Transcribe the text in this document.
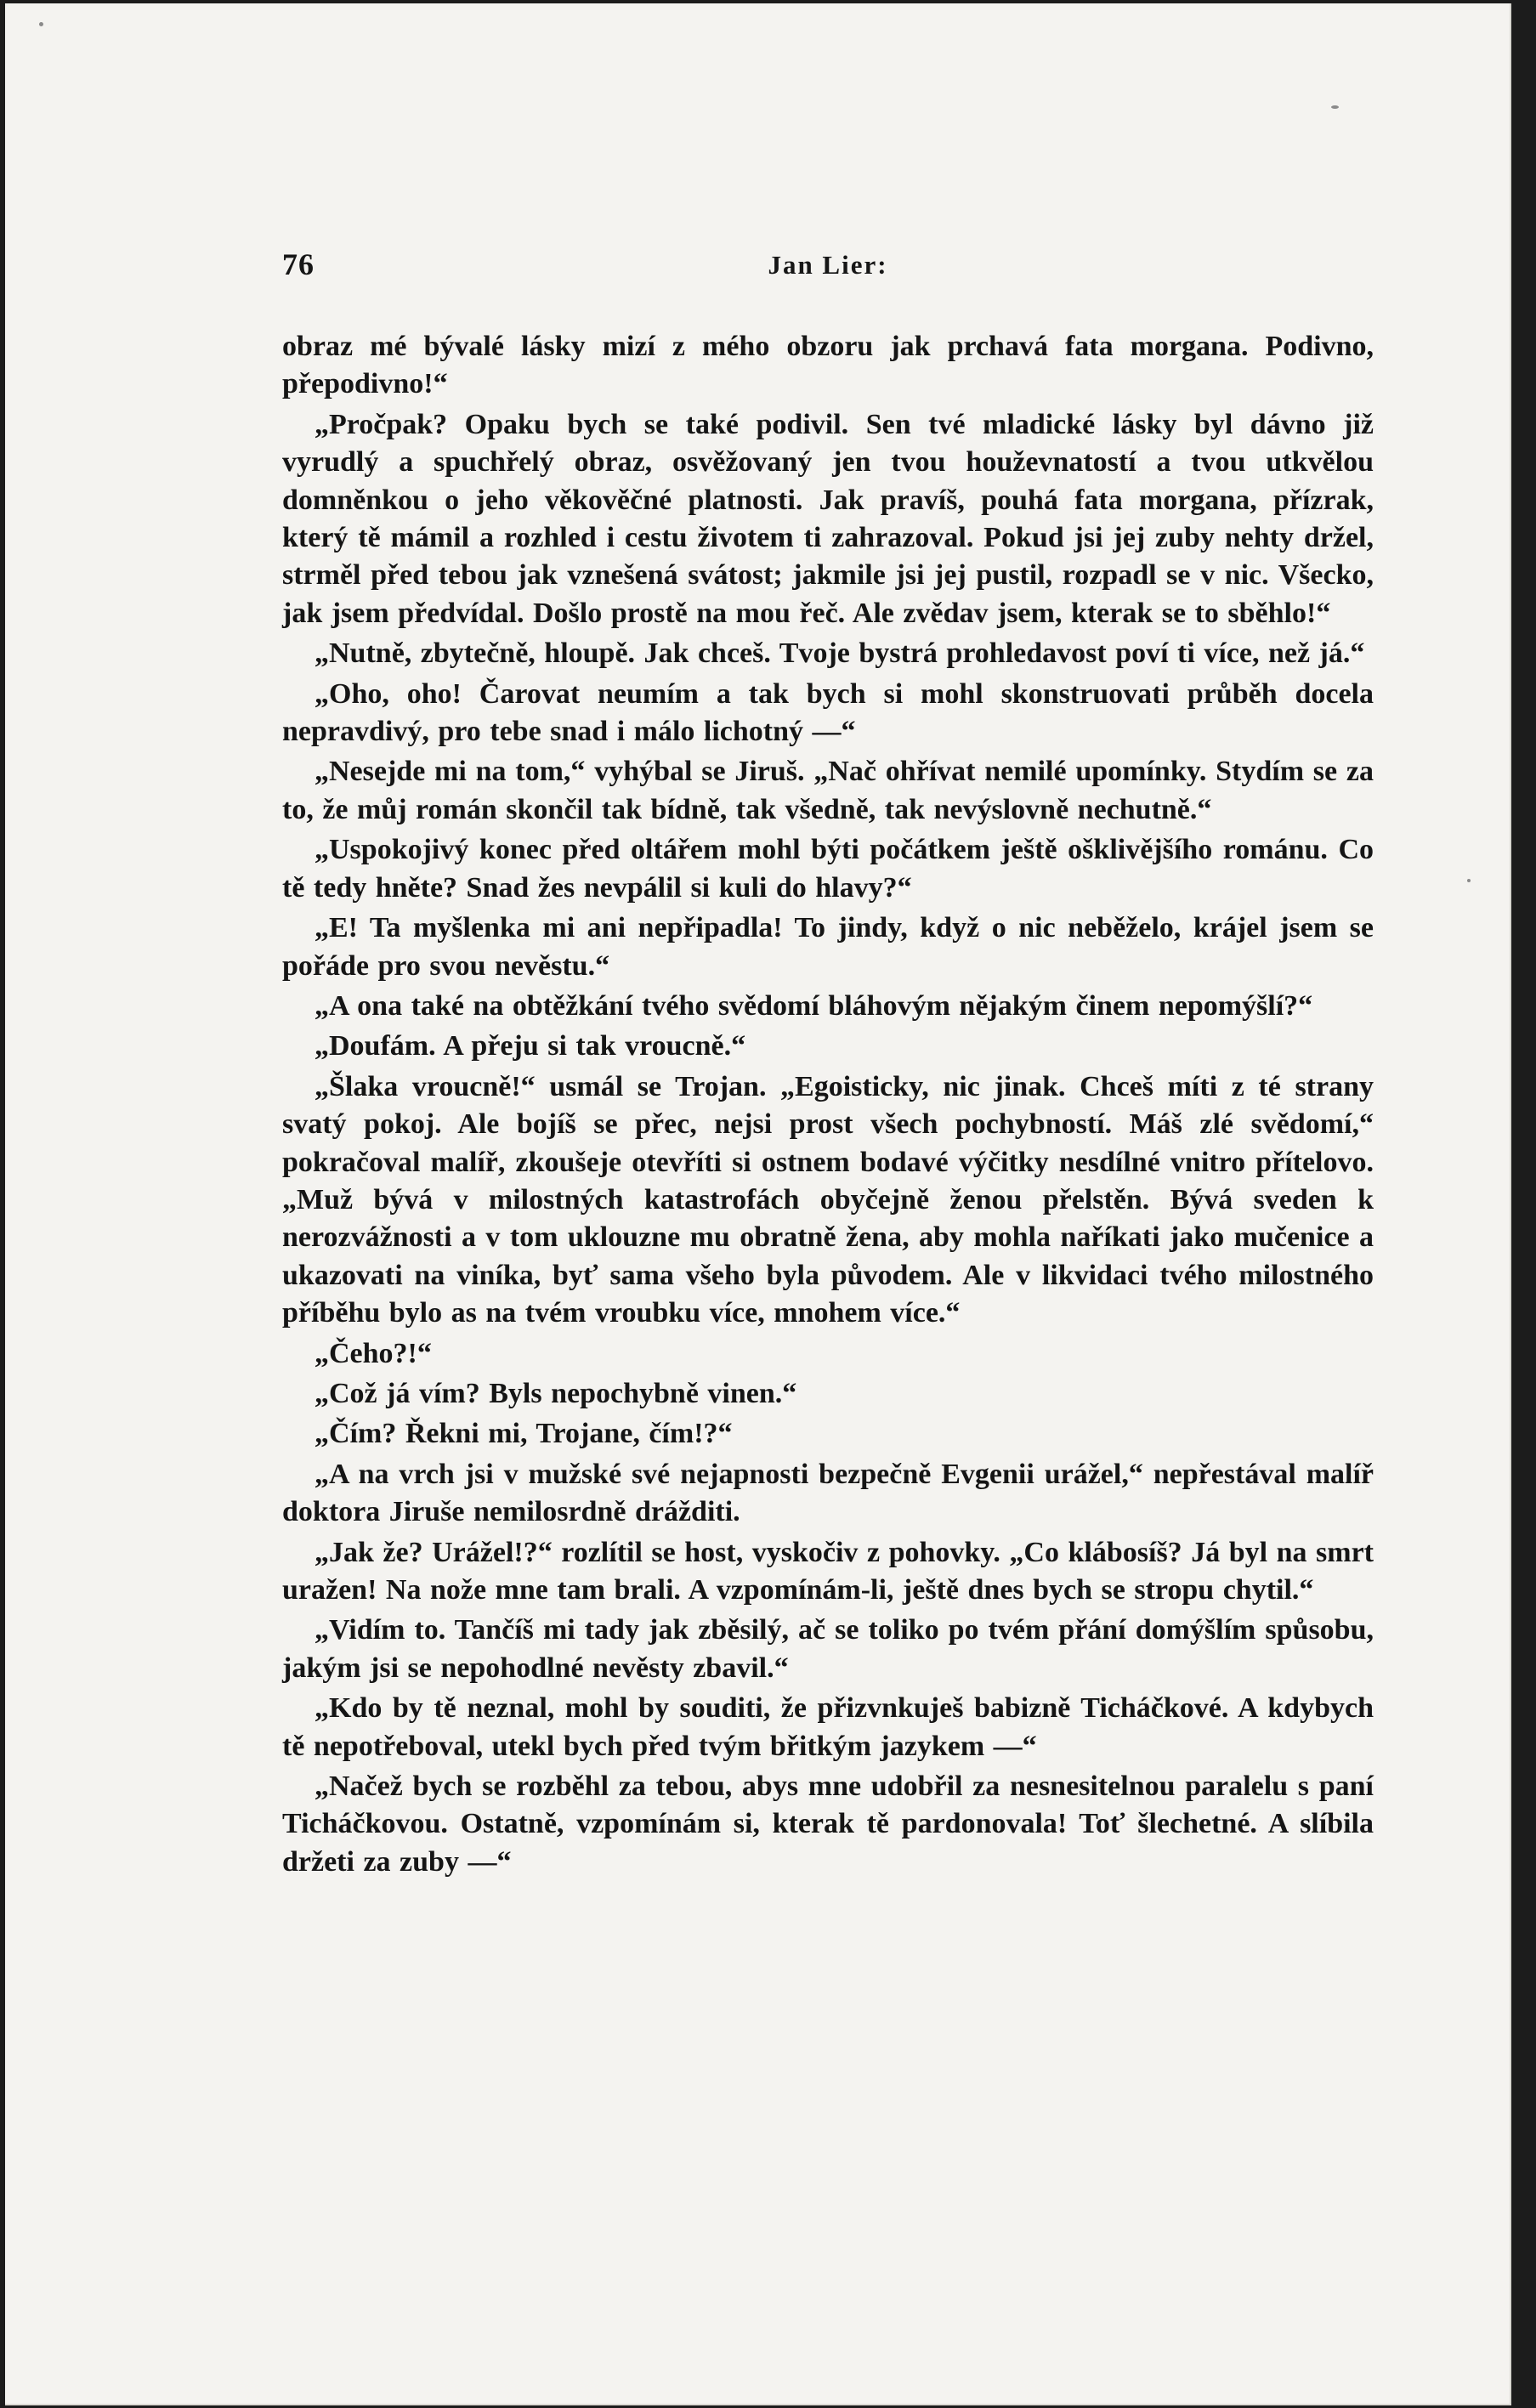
76	Jan Lier:

obraz mé bývalé lásky mizí z mého obzoru jak prchavá fata morgana. Podivno, přepodivno!“

„Pročpak? Opaku bych se také podivil. Sen tvé mladické lásky byl dávno již vyrudlý a spuchřelý obraz, osvěžovaný jen tvou houževnatostí a tvou utkvělou domněnkou o jeho věkověčné platnosti. Jak pravíš, pouhá fata morgana, přízrak, který tě mámil a rozhled i cestu životem ti zahrazoval. Pokud jsi jej zuby nehty držel, strměl před tebou jak vznešená svátost; jakmile jsi jej pustil, rozpadl se v nic. Všecko, jak jsem předvídal. Došlo prostě na mou řeč. Ale zvědav jsem, kterak se to sběhlo!“

„Nutně, zbytečně, hloupě. Jak chceš. Tvoje bystrá prohledavost poví ti více, než já.“

„Oho, oho! Čarovat neumím a tak bych si mohl skonstruovati průběh docela nepravdivý, pro tebe snad i málo lichotný —“

„Nesejde mi na tom,“ vyhýbal se Jiruš. „Nač ohřívat nemilé upomínky. Stydím se za to, že můj román skončil tak bídně, tak všedně, tak nevýslovně nechutně.“

„Uspokojivý konec před oltářem mohl býti počátkem ještě ošklivějšího románu. Co tě tedy hněte? Snad žes nevpálil si kuli do hlavy?“

„E! Ta myšlenka mi ani nepřipadla! To jindy, když o nic neběželo, krájel jsem se pořáde pro svou nevěstu.“

„A ona také na obtěžkání tvého svědomí bláhovým nějakým činem nepomýšlí?“

„Doufám. A přeju si tak vroucně.“

„Šlaka vroucně!“ usmál se Trojan. „Egoisticky, nic jinak. Chceš míti z té strany svatý pokoj. Ale bojíš se přec, nejsi prost všech pochybností. Máš zlé svědomí,“ pokračoval malíř, zkoušeje otevříti si ostnem bodavé výčitky nesdílné vnitro přítelovo. „Muž bývá v milostných katastrofách obyčejně ženou přelstěn. Bývá sveden k nerozvážnosti a v tom uklouzne mu obratně žena, aby mohla naříkati jako mučenice a ukazovati na viníka, byť sama všeho byla původem. Ale v likvidaci tvého milostného příběhu bylo as na tvém vroubku více, mnohem více.“

„Čeho?!“

„Což já vím? Byls nepochybně vinen.“

„Čím? Řekni mi, Trojane, čím!?“

„A na vrch jsi v mužské své nejapnosti bezpečně Evgenii urážel,“ nepřestával malíř doktora Jiruše nemilosrdně drážditi.

„Jak že? Urážel!?“ rozlítil se host, vyskočiv z pohovky. „Co klábosíš? Já byl na smrt uražen! Na nože mne tam brali. A vzpomínám-li, ještě dnes bych se stropu chytil.“

„Vidím to. Tančíš mi tady jak zběsilý, ač se toliko po tvém přání domýšlím spůsobu, jakým jsi se nepohodlné nevěsty zbavil.“

„Kdo by tě neznal, mohl by souditi, že přizvnkuješ babizně Ticháčkové. A kdybych tě nepotřeboval, utekl bych před tvým břitkým jazykem —“

„Načež bych se rozběhl za tebou, abys mne udobřil za nesnesitelnou paralelu s paní Ticháčkovou. Ostatně, vzpomínám si, kterak tě pardonovala! Toť šlechetné. A slíbila držeti za zuby —“
